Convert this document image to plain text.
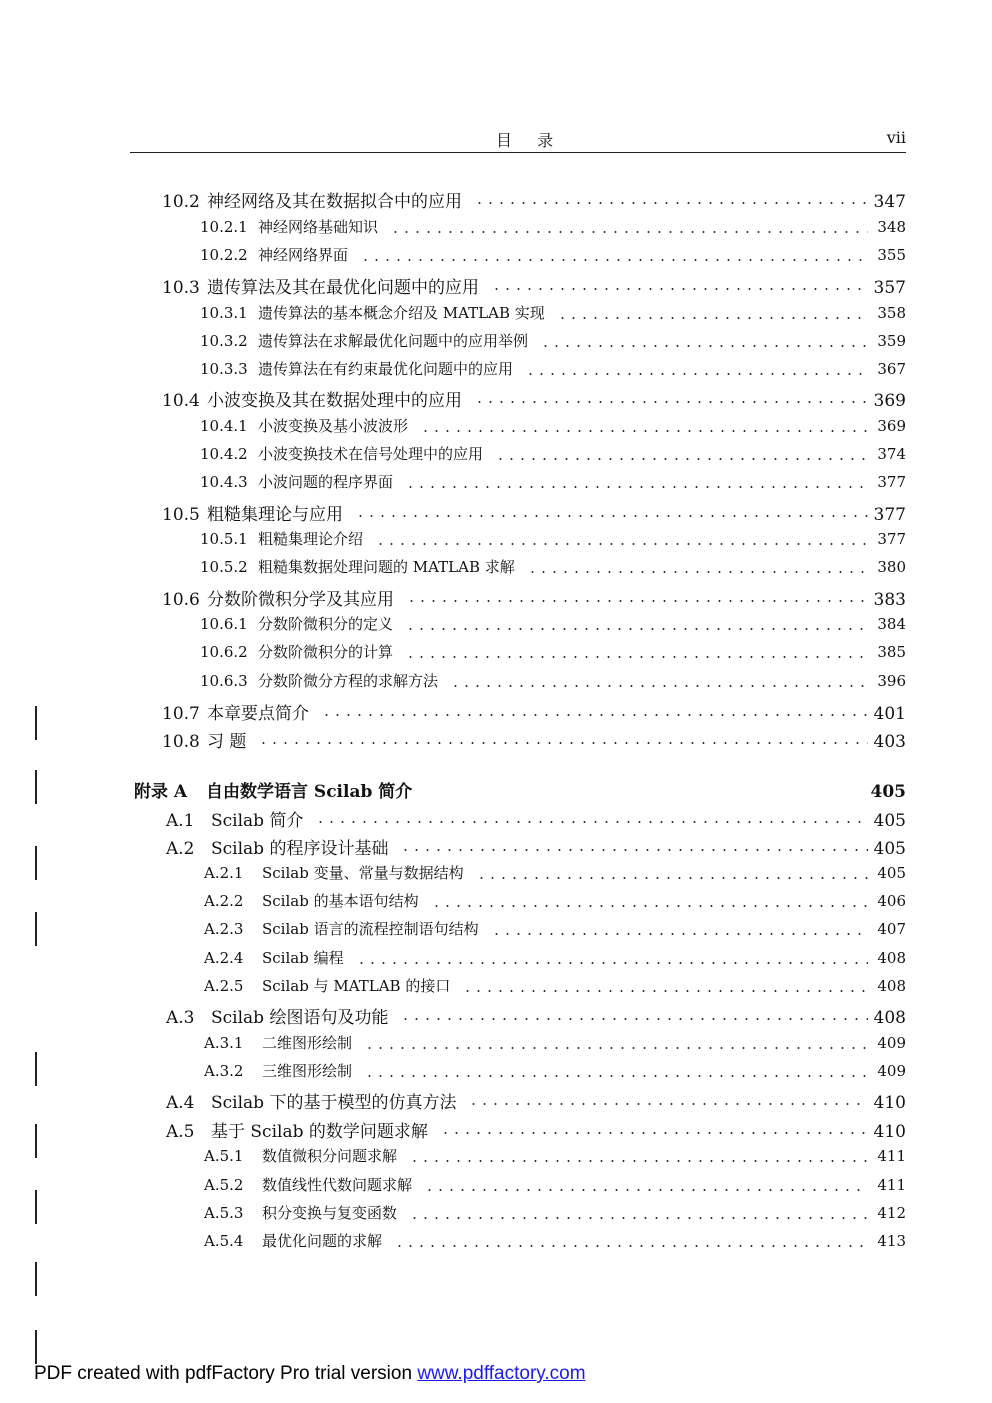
目 录	vii
10.2 神经网络及其在数据拟合中的应用	347
10.2.1 神经网络基础知识	348
10.2.2 神经网络界面	355
10.3 遗传算法及其在最优化问题中的应用	357
10.3.1 遗传算法的基本概念介绍及 MATLAB 实现	358
10.3.2 遗传算法在求解最优化问题中的应用举例	359
10.3.3 遗传算法在有约束最优化问题中的应用	367
10.4 小波变换及其在数据处理中的应用	369
10.4.1 小波变换及基小波波形	369
10.4.2 小波变换技术在信号处理中的应用	374
10.4.3 小波问题的程序界面	377
10.5 粗糙集理论与应用	377
10.5.1 粗糙集理论介绍	377
10.5.2 粗糙集数据处理问题的 MATLAB 求解	380
10.6 分数阶微积分学及其应用	383
10.6.1 分数阶微积分的定义	384
10.6.2 分数阶微积分的计算	385
10.6.3 分数阶微分方程的求解方法	396
10.7 本章要点简介	401
10.8 习 题	403
附录 A	自由数学语言 Scilab 简介	405
A.1 Scilab 简介	405
A.2 Scilab 的程序设计基础	405
A.2.1	Scilab 变量、常量与数据结构	405
A.2.2	Scilab 的基本语句结构	406
A.2.3	Scilab 语言的流程控制语句结构	407
A.2.4	Scilab 编程	408
A.2.5	Scilab 与 MATLAB 的接口	408
A.3 Scilab 绘图语句及功能	408
A.3.1	二维图形绘制	409
A.3.2	三维图形绘制	409
A.4 Scilab 下的基于模型的仿真方法	410
A.5 基于 Scilab 的数学问题求解	410
A.5.1	数值微积分问题求解	411
A.5.2	数值线性代数问题求解	411
A.5.3	积分变换与复变函数	412
A.5.4	最优化问题的求解	413
PDF created with pdfFactory Pro trial version www.pdffactory.com
